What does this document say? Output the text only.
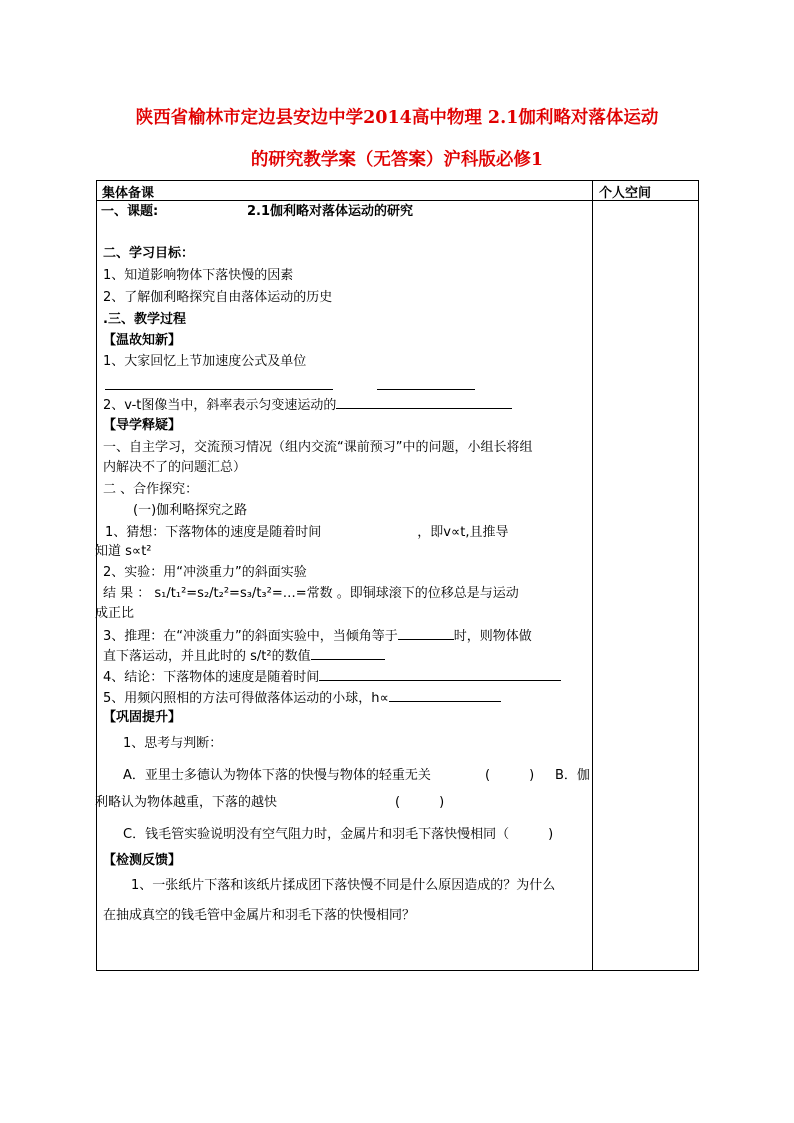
陕西省榆林市定边县安边中学2014高中物理 2.1伽利略对落体运动
的研究教学案（无答案）沪科版必修1
集体备课	个人空间
一、课题:	2.1伽利略对落体运动的研究
二、学习目标：
1、知道影响物体下落快慢的因素
2、了解伽利略探究自由落体运动的历史
.三、教学过程
【温故知新】
1、大家回忆上节加速度公式及单位
2、v-t图像当中，斜率表示匀变速运动的
【导学释疑】
一、自主学习，交流预习情况（组内交流“课前预习”中的问题，小组长将组
内解决不了的问题汇总）
二 、合作探究：
(一)伽利略探究之路
1、猜想：下落物体的速度是随着时间	，即v∝t,且推导
知道 s∝t²
2、实验：用“冲淡重力”的斜面实验
结 果 ： s₁/t₁²=s₂/t₂²=s₃/t₃²=…=常数 。即铜球滚下的位移总是与运动
成正比
3、推理：在“冲淡重力”的斜面实验中，当倾角等于	时，则物体做
直下落运动，并且此时的 s/t²的数值
4、结论：下落物体的速度是随着时间
5、用频闪照相的方法可得做落体运动的小球，h∝
【巩固提升】
1、思考与判断：
A．亚里士多德认为物体下落的快慢与物体的轻重无关	(　　　) B．伽
利略认为物体越重，下落的越快	(　　　)
C．钱毛管实验说明没有空气阻力时，金属片和羽毛下落快慢相同（　　　)
【检测反馈】
1、一张纸片下落和该纸片揉成团下落快慢不同是什么原因造成的？为什么
在抽成真空的钱毛管中金属片和羽毛下落的快慢相同？
